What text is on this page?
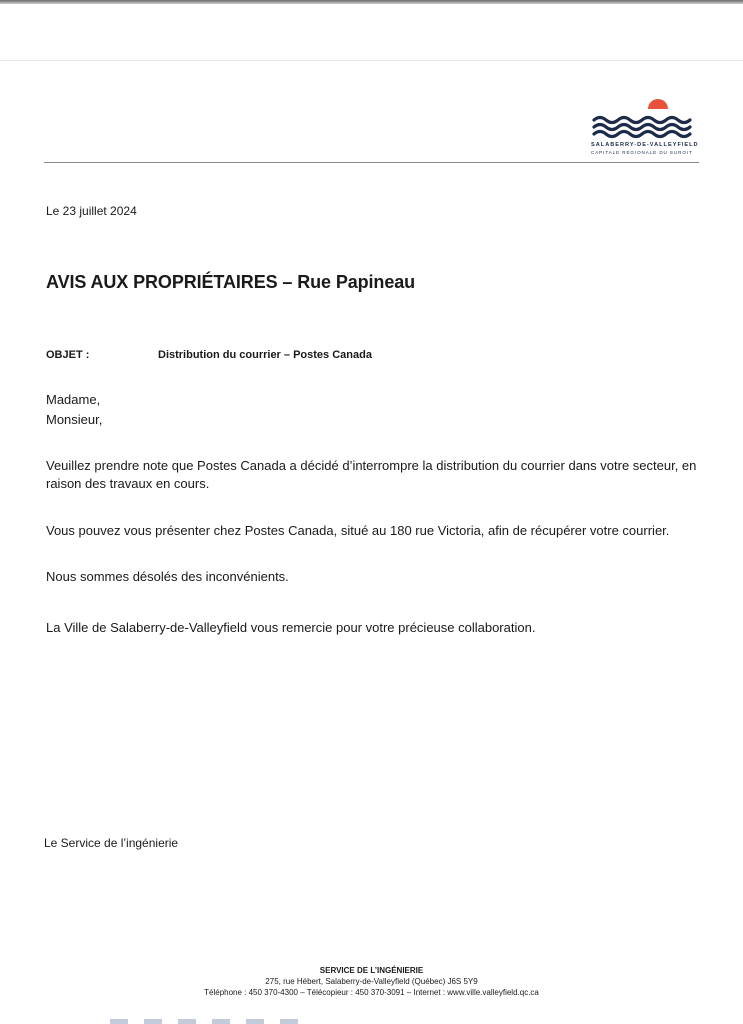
SALABERRY-DE-VALLEYFIELD
CAPITALE RÉGIONALE DU SUROIT
Le 23 juillet 2024
AVIS AUX PROPRIÉTAIRES – Rue Papineau
OBJET :	Distribution du courrier – Postes Canada
Madame,
Monsieur,
Veuillez prendre note que Postes Canada a décidé d’interrompre la distribution du courrier dans votre secteur, en raison des travaux en cours.
Vous pouvez vous présenter chez Postes Canada, situé au 180 rue Victoria, afin de récupérer votre courrier.
Nous sommes désolés des inconvénients.
La Ville de Salaberry-de-Valleyfield vous remercie pour votre précieuse collaboration.
Le Service de l’ingénierie
SERVICE DE L’INGÉNIERIE
275, rue Hébert, Salaberry-de-Valleyfield (Québec) J6S 5Y9
Téléphone : 450 370-4300 – Télécopieur : 450 370-3091 – Internet : www.ville.valleyfield.qc.ca
